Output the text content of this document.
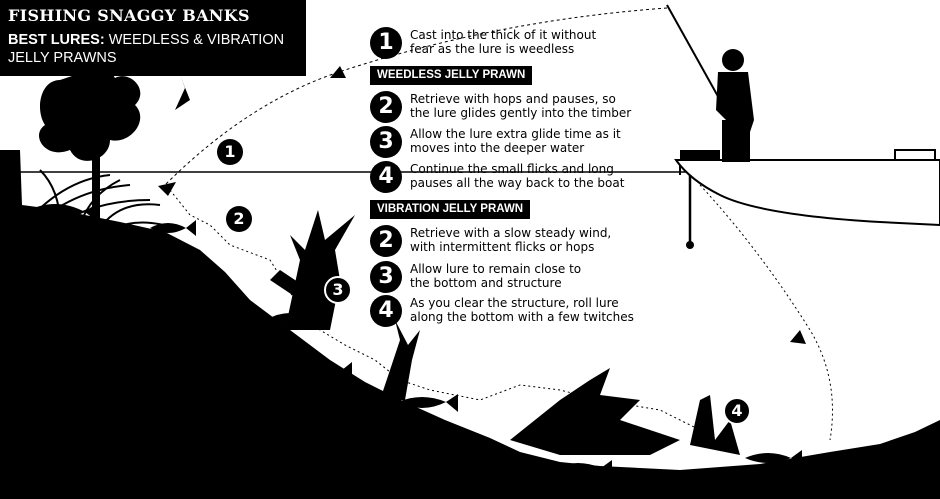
1
2
3
4
FISHING SNAGGY BANKS
BEST LURES: WEEDLESS & VIBRATION JELLY PRAWNS
1	Cast into the thick of it without
fear as the lure is weedless
WEEDLESS JELLY PRAWN
2	Retrieve with hops and pauses, so
the lure glides gently into the timber
3	Allow the lure extra glide time as it
moves into the deeper water
4	Continue the small flicks and long
pauses all the way back to the boat
VIBRATION JELLY PRAWN
2	Retrieve with a slow steady wind,
with intermittent flicks or hops
3	Allow lure to remain close to
the bottom and structure
4	As you clear the structure, roll lure
along the bottom with a few twitches
